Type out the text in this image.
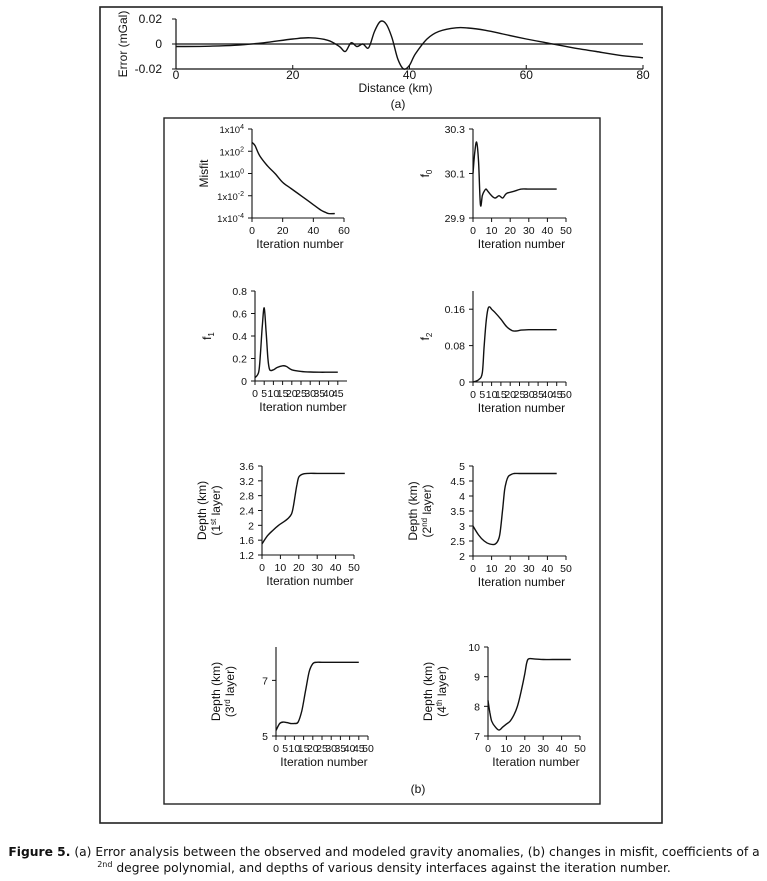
0.02
0
-0.02 0	20	40	60	80
Distance (km)
Error (mGal)
(a)
$1x10^4$
$1x10^2$
$1x10^0$
$1x10^{-2}$
$1x10^{-4}$
0 20 40 60
Iteration number
Misfit
30.3
30.1
29.9
0 10 20 30 40 50
Iteration number
$f_0$
0.8
0.6
0.4
0.2
0
0 5 10
15
20
25
30
35
40
45
Iteration number
$f_1$
0.16
0.08
0
0 5 10
15
20
25
30
35
40
45
50
Iteration number
$f_2$
3.6
3.2
2.8
2.4
2
1.6
1.2
0 10 20 30 40 50
Iteration number
Depth (km) (1st layer)
5
4.5
4
3.5
3
2.5
2
0 10 20 30 40 50
Iteration number
Depth (km) (2nd layer)
7
5
0 5 10
15
20
25
30
35
40
45
50
Iteration number
Depth (km) (3rd layer)
10
9
8
7
0 10 20 30 40 50
Iteration number
Depth (km) (4th layer)
(b)
Figure 5. (a) Error analysis between the observed and modeled gravity anomalies, (b) changes in misfit, coefficients of a $^{2nd}$ degree polynomial, and depths of various density interfaces against the iteration number.
